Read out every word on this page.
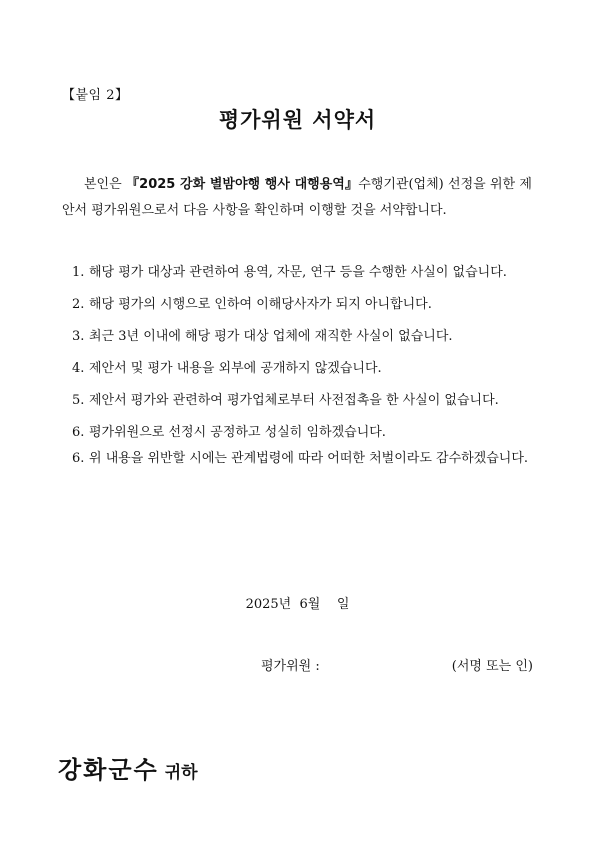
【붙임 2】
평가위원 서약서
본인은 『2025 강화 별밤야행 행사 대행용역』수행기관(업체) 선정을 위한 제안서 평가위원으로서 다음 사항을 확인하며 이행할 것을 서약합니다.
1. 해당 평가 대상과 관련하여 용역, 자문, 연구 등을 수행한 사실이 없습니다.
2. 해당 평가의 시행으로 인하여 이해당사자가 되지 아니합니다.
3. 최근 3년 이내에 해당 평가 대상 업체에 재직한 사실이 없습니다.
4. 제안서 및 평가 내용을 외부에 공개하지 않겠습니다.
5. 제안서 평가와 관련하여 평가업체로부터 사전접촉을 한 사실이 없습니다.
6. 평가위원으로 선정시 공정하고 성실히 임하겠습니다.
6. 위 내용을 위반할 시에는 관계법령에 따라 어떠한 처벌이라도 감수하겠습니다.
2025년 6월 일
평가위원 :	(서명 또는 인)
강화군수 귀하
